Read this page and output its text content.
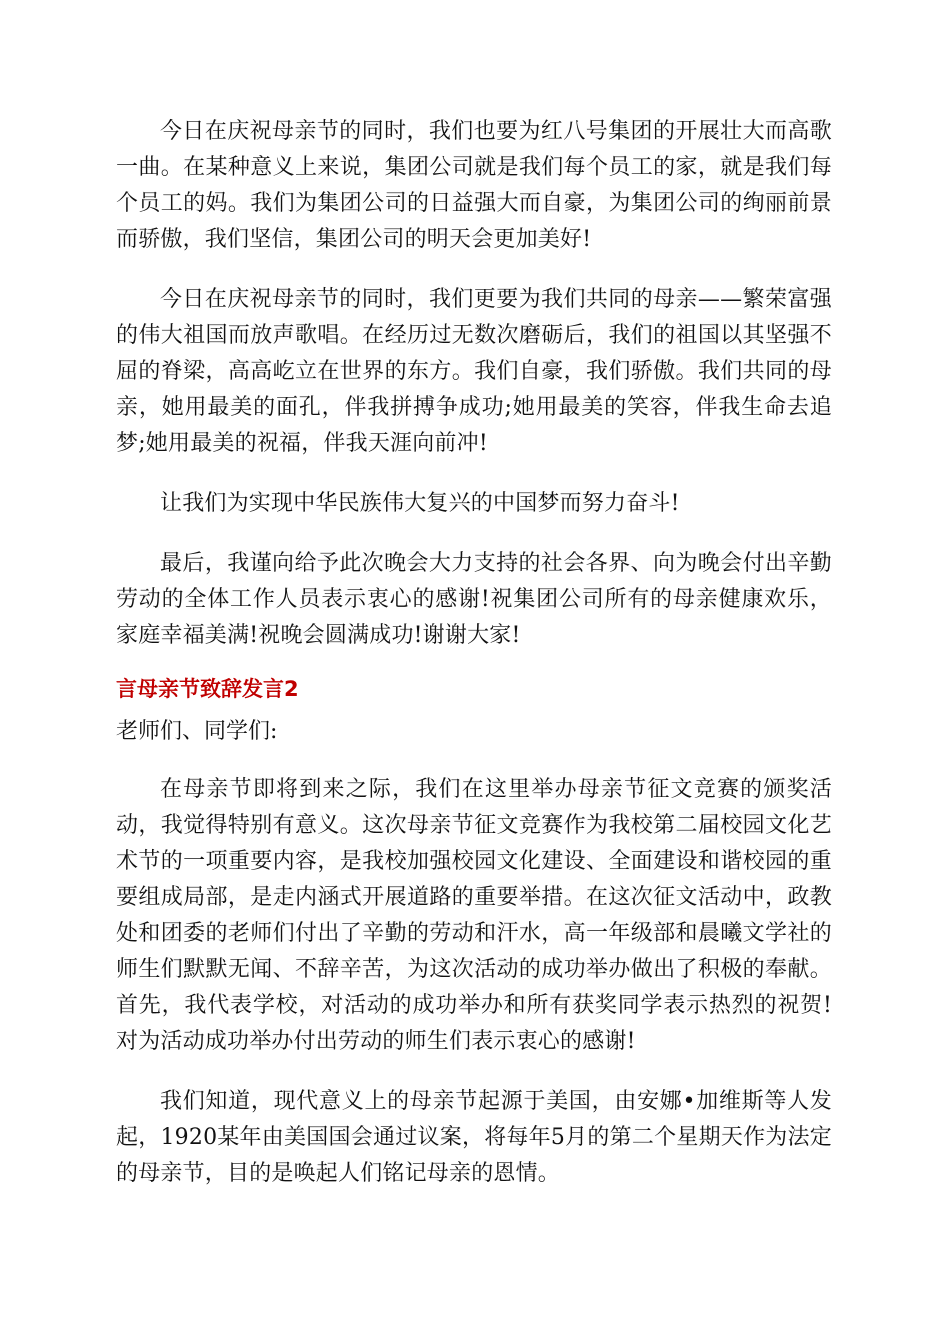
今日在庆祝母亲节的同时，我们也要为红八号集团的开展壮大而高歌一曲。在某种意义上来说，集团公司就是我们每个员工的家，就是我们每个员工的妈。我们为集团公司的日益强大而自豪，为集团公司的绚丽前景而骄傲，我们坚信，集团公司的明天会更加美好!

今日在庆祝母亲节的同时，我们更要为我们共同的母亲——繁荣富强的伟大祖国而放声歌唱。在经历过无数次磨砺后，我们的祖国以其坚强不屈的脊梁，高高屹立在世界的东方。我们自豪，我们骄傲。我们共同的母亲，她用最美的面孔，伴我拼搏争成功;她用最美的笑容，伴我生命去追梦;她用最美的祝福，伴我天涯向前冲!

让我们为实现中华民族伟大复兴的中国梦而努力奋斗!

最后，我谨向给予此次晚会大力支持的社会各界、向为晚会付出辛勤劳动的全体工作人员表示衷心的感谢!祝集团公司所有的母亲健康欢乐，家庭幸福美满!祝晚会圆满成功!谢谢大家!

言母亲节致辞发言2

老师们、同学们:

在母亲节即将到来之际，我们在这里举办母亲节征文竞赛的颁奖活动，我觉得特别有意义。这次母亲节征文竞赛作为我校第二届校园文化艺术节的一项重要内容，是我校加强校园文化建设、全面建设和谐校园的重要组成局部，是走内涵式开展道路的重要举措。在这次征文活动中，政教处和团委的老师们付出了辛勤的劳动和汗水，高一年级部和晨曦文学社的师生们默默无闻、不辞辛苦，为这次活动的成功举办做出了积极的奉献。首先，我代表学校，对活动的成功举办和所有获奖同学表示热烈的祝贺!对为活动成功举办付出劳动的师生们表示衷心的感谢!

我们知道，现代意义上的母亲节起源于美国，由安娜•加维斯等人发起，1920某年由美国国会通过议案，将每年5月的第二个星期天作为法定的母亲节，目的是唤起人们铭记母亲的恩情。
